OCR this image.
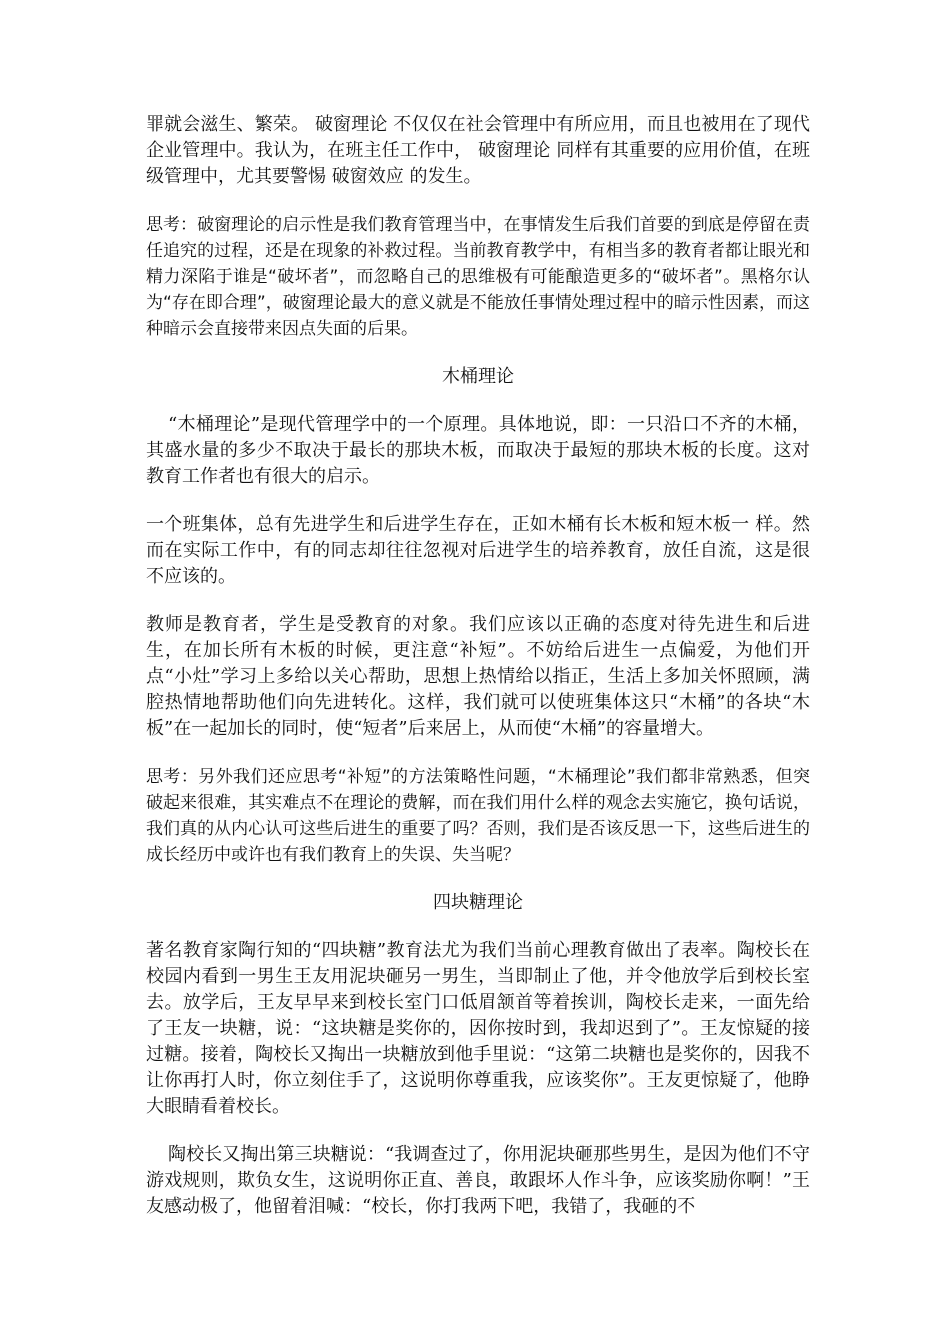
罪就会滋生、繁荣。 破窗理论 不仅仅在社会管理中有所应用，而且也被用在了现代企业管理中。我认为，在班主任工作中， 破窗理论 同样有其重要的应用价值，在班级管理中，尤其要警惕 破窗效应 的发生。

思考：破窗理论的启示性是我们教育管理当中，在事情发生后我们首要的到底是停留在责任追究的过程，还是在现象的补救过程。当前教育教学中，有相当多的教育者都让眼光和精力深陷于谁是“破坏者”，而忽略自己的思维极有可能酿造更多的“破坏者”。黑格尔认为“存在即合理”，破窗理论最大的意义就是不能放任事情处理过程中的暗示性因素，而这种暗示会直接带来因点失面的后果。

木桶理论

“木桶理论”是现代管理学中的一个原理。具体地说，即：一只沿口不齐的木桶，其盛水量的多少不取决于最长的那块木板，而取决于最短的那块木板的长度。这对教育工作者也有很大的启示。

一个班集体，总有先进学生和后进学生存在，正如木桶有长木板和短木板一 样。然而在实际工作中，有的同志却往往忽视对后进学生的培养教育，放任自流，这是很不应该的。

教师是教育者，学生是受教育的对象。我们应该以正确的态度对待先进生和后进生，在加长所有木板的时候，更注意“补短”。不妨给后进生一点偏爱，为他们开点“小灶”学习上多给以关心帮助，思想上热情给以指正，生活上多加关怀照顾，满腔热情地帮助他们向先进转化。这样，我们就可以使班集体这只“木桶”的各块“木板”在一起加长的同时，使“短者”后来居上，从而使“木桶”的容量增大。

思考：另外我们还应思考“补短”的方法策略性问题，“木桶理论”我们都非常熟悉，但突破起来很难，其实难点不在理论的费解，而在我们用什么样的观念去实施它，换句话说，我们真的从内心认可这些后进生的重要了吗？否则，我们是否该反思一下，这些后进生的成长经历中或许也有我们教育上的失误、失当呢？

四块糖理论

著名教育家陶行知的“四块糖”教育法尤为我们当前心理教育做出了表率。陶校长在校园内看到一男生王友用泥块砸另一男生，当即制止了他，并令他放学后到校长室去。放学后，王友早早来到校长室门口低眉颔首等着挨训，陶校长走来，一面先给了王友一块糖，说：“这块糖是奖你的，因你按时到，我却迟到了”。王友惊疑的接过糖。接着，陶校长又掏出一块糖放到他手里说：“这第二块糖也是奖你的，因我不让你再打人时，你立刻住手了，这说明你尊重我，应该奖你”。王友更惊疑了，他睁大眼睛看着校长。

陶校长又掏出第三块糖说：“我调查过了，你用泥块砸那些男生，是因为他们不守游戏规则，欺负女生，这说明你正直、善良，敢跟坏人作斗争，应该奖励你啊！”王友感动极了，他留着泪喊：“校长，你打我两下吧，我错了，我砸的不
